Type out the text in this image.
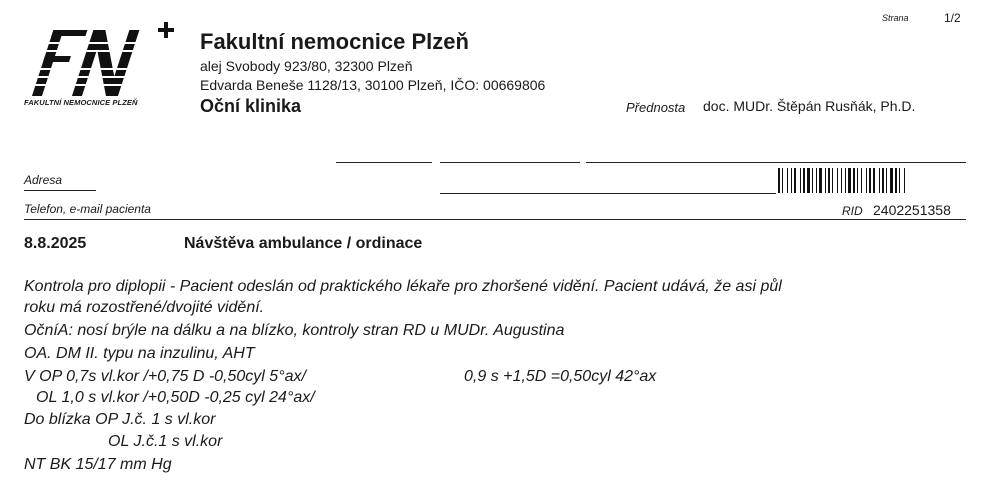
FAKULTNÍ NEMOCNICE PLZEŇ
Fakultní nemocnice Plzeň
alej Svobody 923/80, 32300 Plzeň
Edvarda Beneše 1128/13, 30100 Plzeň, IČO: 00669806
Oční klinika	Přednosta doc. MUDr. Štěpán Rusňák, Ph.D.
Strana	1/2
Adresa
Telefon, e-mail pacienta	RID 2402251358
8.8.2025	Návštěva ambulance / ordinace
Kontrola pro diplopii - Pacient odeslán od praktického lékaře pro zhoršené vidění. Pacient udává, že asi půl
roku má rozostřené/dvojité vidění.
OčníA: nosí brýle na dálku a na blízko, kontroly stran RD u MUDr. Augustina
OA. DM II. typu na inzulinu, AHT
V OP 0,7s vl.kor /+0,75 D -0,50cyl 5°ax/	0,9 s +1,5D =0,50cyl 42°ax
OL 1,0 s vl.kor /+0,50D -0,25 cyl 24°ax/
Do blízka OP J.č. 1 s vl.kor
OL J.č.1 s vl.kor
NT BK 15/17 mm Hg
